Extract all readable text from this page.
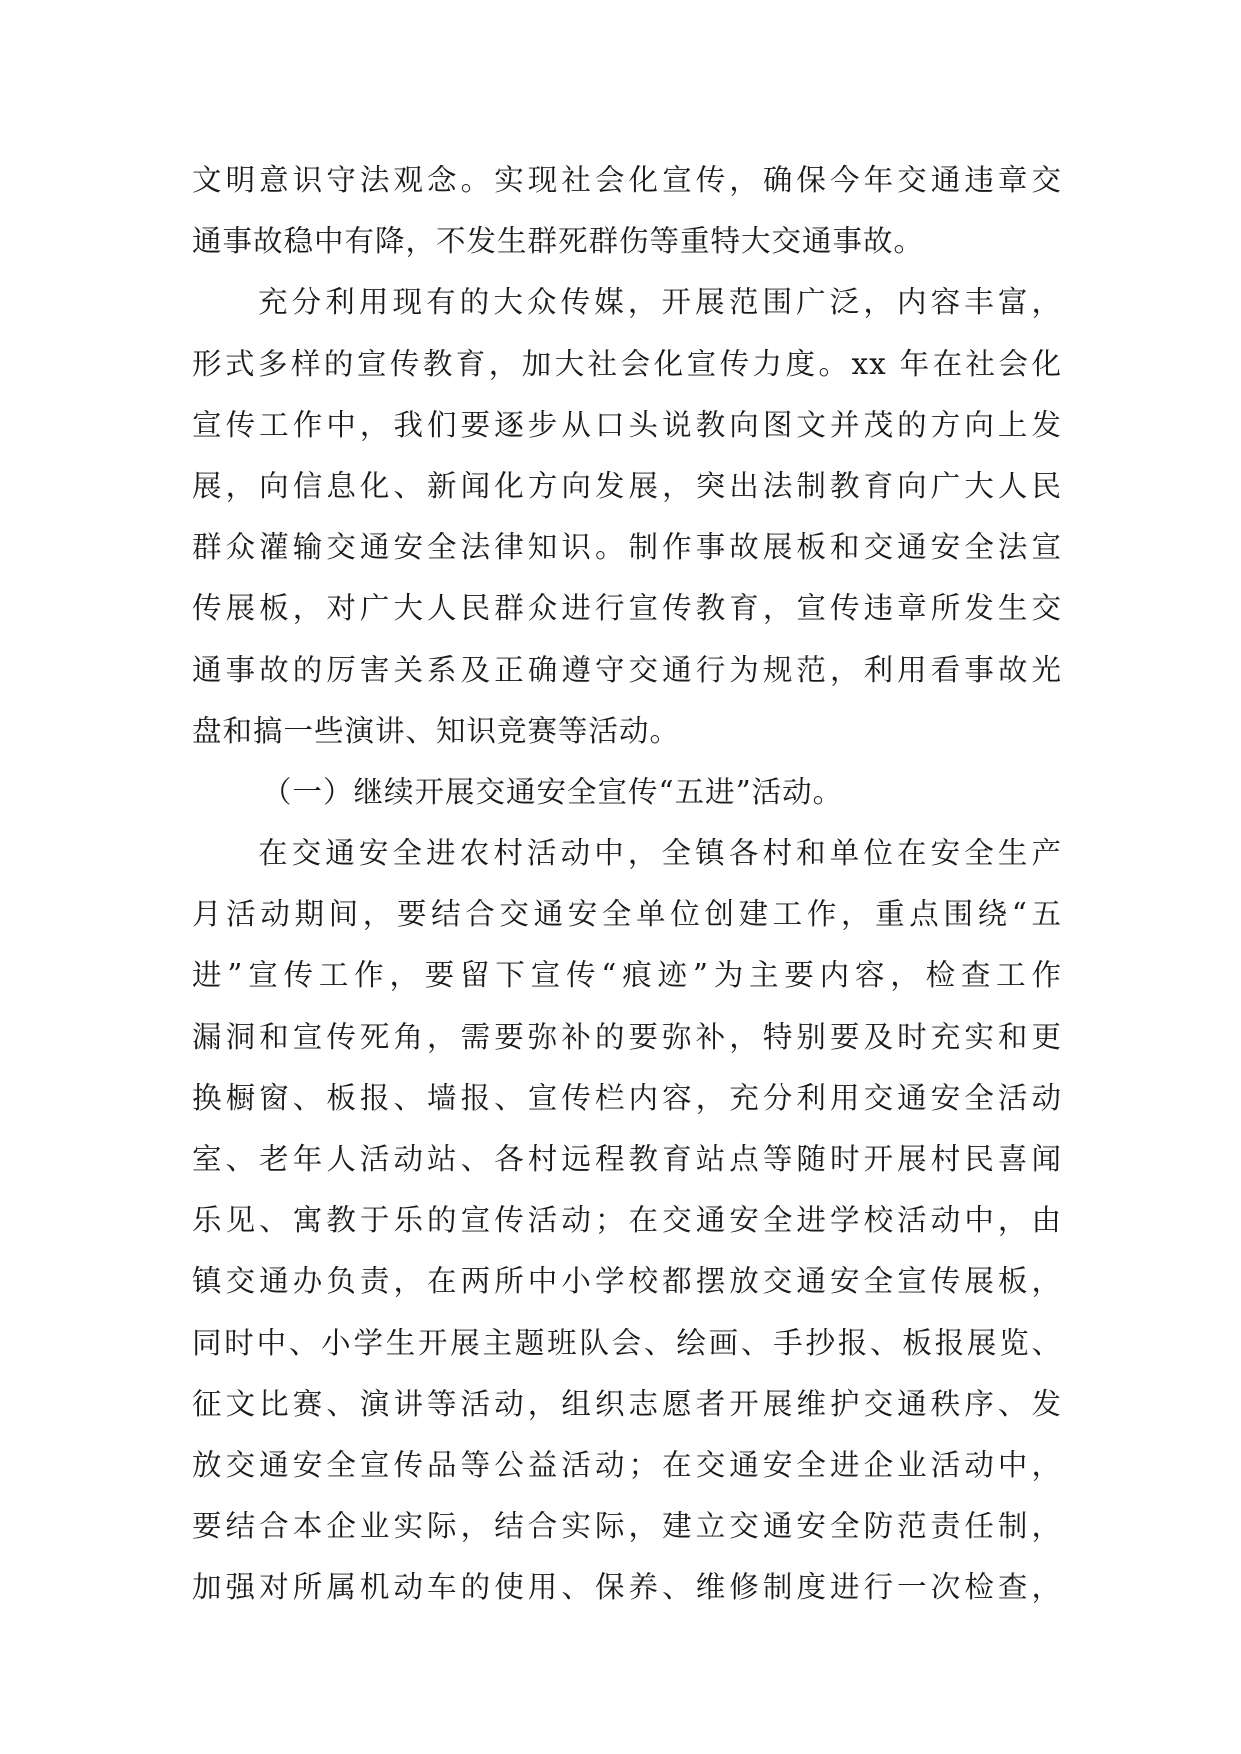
文明意识守法观念。实现社会化宣传，确保今年交通违章交
通事故稳中有降，不发生群死群伤等重特大交通事故。
充分利用现有的大众传媒，开展范围广泛，内容丰富，
形式多样的宣传教育，加大社会化宣传力度。xx 年在社会化
宣传工作中，我们要逐步从口头说教向图文并茂的方向上发
展，向信息化、新闻化方向发展，突出法制教育向广大人民
群众灌输交通安全法律知识。制作事故展板和交通安全法宣
传展板，对广大人民群众进行宣传教育，宣传违章所发生交
通事故的厉害关系及正确遵守交通行为规范，利用看事故光
盘和搞一些演讲、知识竞赛等活动。
（一）继续开展交通安全宣传“五进”活动。
在交通安全进农村活动中，全镇各村和单位在安全生产
月活动期间，要结合交通安全单位创建工作，重点围绕“五
进”宣传工作，要留下宣传“痕迹”为主要内容，检查工作
漏洞和宣传死角，需要弥补的要弥补，特别要及时充实和更
换橱窗、板报、墙报、宣传栏内容，充分利用交通安全活动
室、老年人活动站、各村远程教育站点等随时开展村民喜闻
乐见、寓教于乐的宣传活动；在交通安全进学校活动中，由
镇交通办负责，在两所中小学校都摆放交通安全宣传展板，
同时中、小学生开展主题班队会、绘画、手抄报、板报展览、
征文比赛、演讲等活动，组织志愿者开展维护交通秩序、发
放交通安全宣传品等公益活动；在交通安全进企业活动中，
要结合本企业实际，结合实际，建立交通安全防范责任制，
加强对所属机动车的使用、保养、维修制度进行一次检查，
